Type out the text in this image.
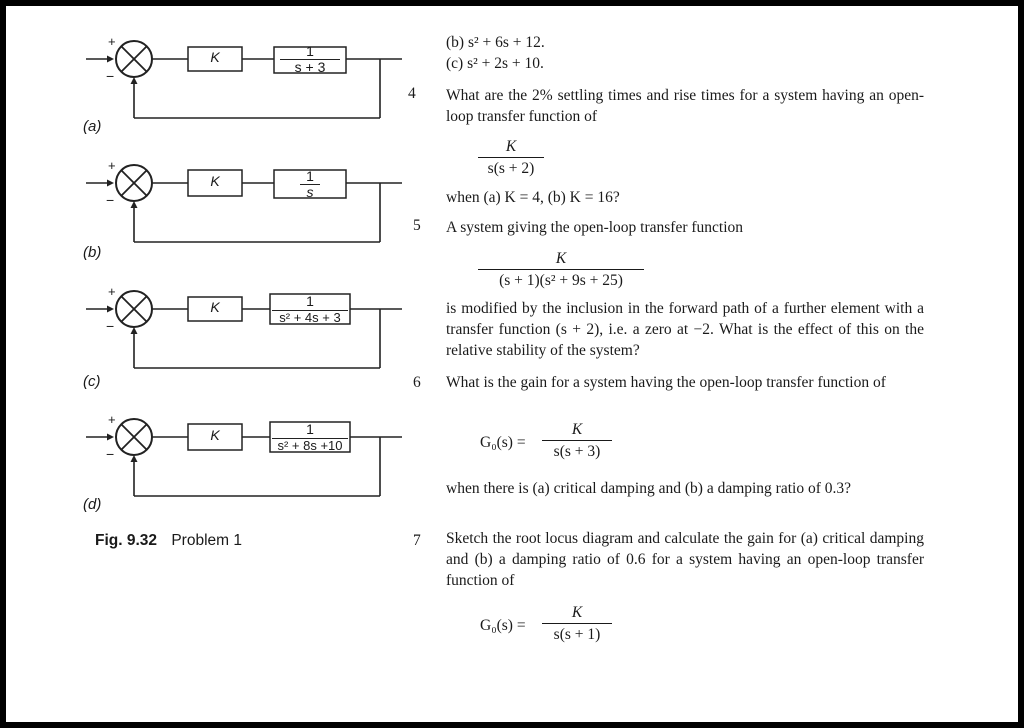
+
−
K	1
s + 3
(a)
+
−
K	1
s
(b)
+
−
K	1
s² + 4s + 3
(c)
+
−
K	1
s² + 8s +10
(d)
Fig. 9.32 Problem 1
(b) s² + 6s + 12.
(c) s² + 2s + 10.
4 What are the 2% settling times and rise times for a system having an open-loop transfer function of
K
s(s + 2)
when (a) K = 4, (b) K = 16?
5 A system giving the open-loop transfer function
K
(s + 1)(s² + 9s + 25)
is modified by the inclusion in the forward path of a further element with a transfer function (s + 2), i.e. a zero at −2. What is the effect of this on the relative stability of the system?
6 What is the gain for a system having the open-loop transfer function of
G₀(s) =
K
s(s + 3)
when there is (a) critical damping and (b) a damping ratio of 0.3?
7 Sketch the root locus diagram and calculate the gain for (a) critical damping and (b) a damping ratio of 0.6 for a system having an open-loop transfer function of
G₀(s) =
K
s(s + 1)
